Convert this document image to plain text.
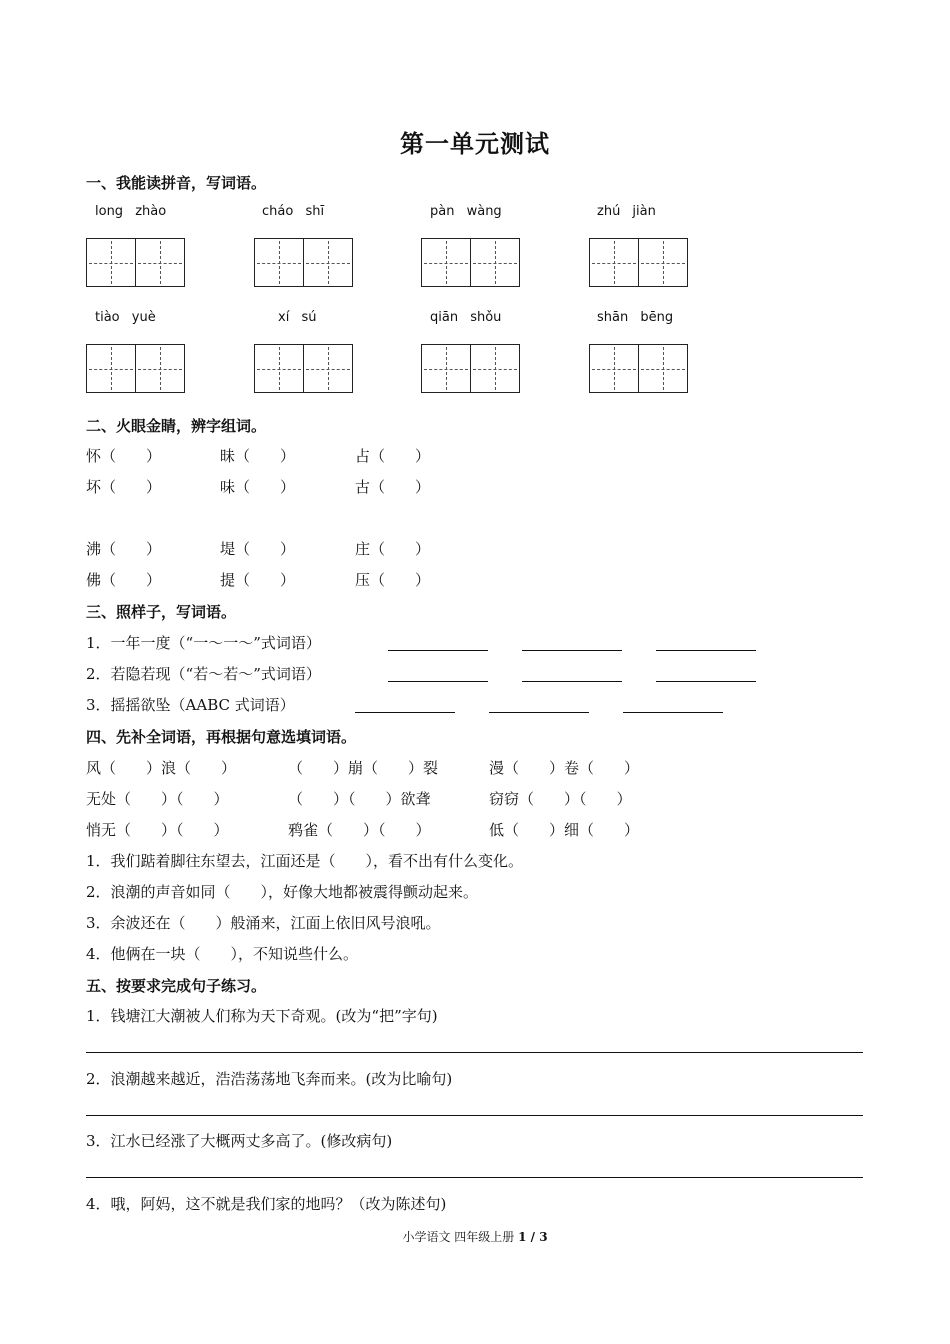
第一单元测试
一、我能读拼音，写词语。
long zhào	cháo shī	pàn wàng	zhú jiàn
tiào yuè	xí sú	qiān shǒu	shān bēng
二、火眼金睛，辨字组词。
怀（　　）	昧（　　）	占（　　）
坏（　　）	味（　　）	古（　　）
沸（　　）	堤（　　）	庄（　　）
佛（　　）	提（　　）	压（　　）
三、照样子，写词语。
1．一年一度（“一～一～”式词语）
2．若隐若现（“若～若～”式词语）
3．摇摇欲坠（AABC 式词语）
四、先补全词语，再根据句意选填词语。
风（　　）浪（　　）	（　　）崩（　　）裂	漫（　　）卷（　　）
无处（　　）（　　）	（　　）（　　）欲聋	窃窃（　　）（　　）
悄无（　　）（　　）	鸦雀（　　）（　　）	低（　　）细（　　）
1．我们踮着脚往东望去，江面还是（　　），看不出有什么变化。
2．浪潮的声音如同（　　），好像大地都被震得颤动起来。
3．余波还在（　　）般涌来，江面上依旧风号浪吼。
4．他俩在一块（　　），不知说些什么。
五、按要求完成句子练习。
1．钱塘江大潮被人们称为天下奇观。(改为“把”字句)
2．浪潮越来越近，浩浩荡荡地飞奔而来。(改为比喻句)
3．江水已经涨了大概两丈多高了。(修改病句)
4．哦，阿妈，这不就是我们家的地吗？（改为陈述句)
小学语文 四年级上册 1 / 3
